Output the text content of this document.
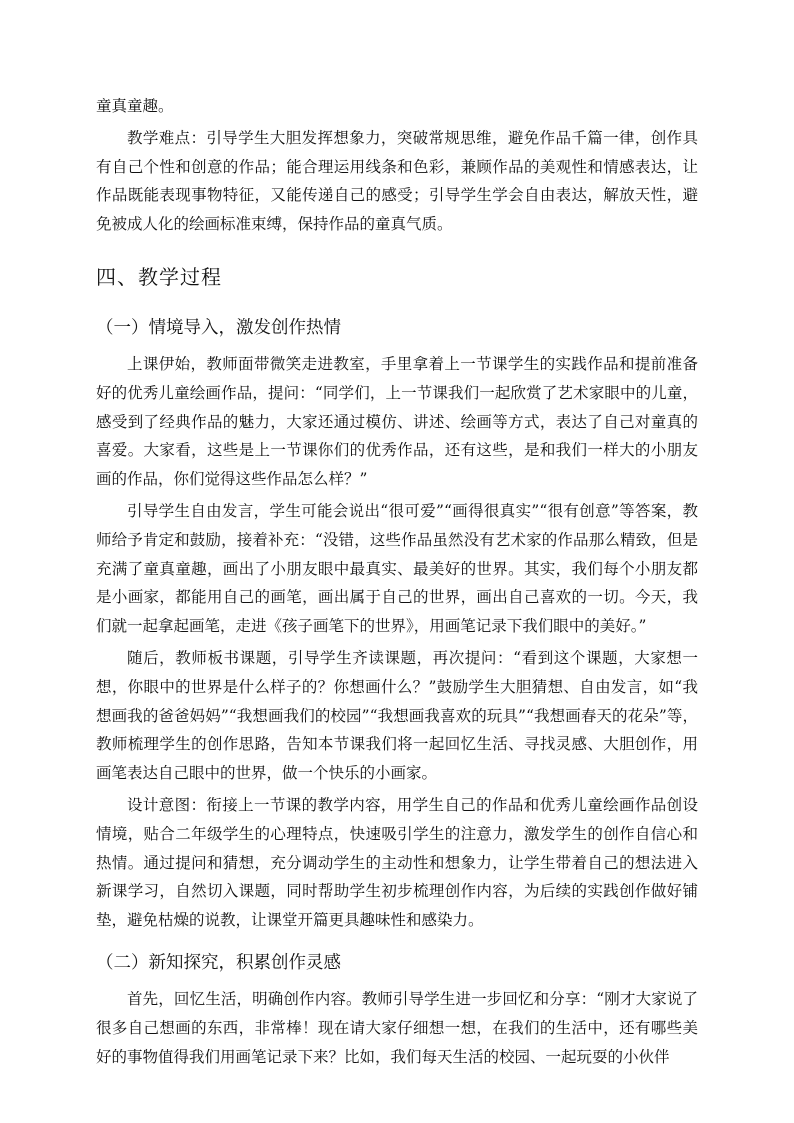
童真童趣。

教学难点：引导学生大胆发挥想象力，突破常规思维，避免作品千篇一律，创作具有自己个性和创意的作品；能合理运用线条和色彩，兼顾作品的美观性和情感表达，让作品既能表现事物特征，又能传递自己的感受；引导学生学会自由表达，解放天性，避免被成人化的绘画标准束缚，保持作品的童真气质。

四、教学过程
（一）情境导入，激发创作热情

上课伊始，教师面带微笑走进教室，手里拿着上一节课学生的实践作品和提前准备好的优秀儿童绘画作品，提问：“同学们，上一节课我们一起欣赏了艺术家眼中的儿童，感受到了经典作品的魅力，大家还通过模仿、讲述、绘画等方式，表达了自己对童真的喜爱。大家看，这些是上一节课你们的优秀作品，还有这些，是和我们一样大的小朋友画的作品，你们觉得这些作品怎么样？”

引导学生自由发言，学生可能会说出“很可爱”“画得很真实”“很有创意”等答案，教师给予肯定和鼓励，接着补充：“没错，这些作品虽然没有艺术家的作品那么精致，但是充满了童真童趣，画出了小朋友眼中最真实、最美好的世界。其实，我们每个小朋友都是小画家，都能用自己的画笔，画出属于自己的世界，画出自己喜欢的一切。今天，我们就一起拿起画笔，走进《孩子画笔下的世界》，用画笔记录下我们眼中的美好。”

随后，教师板书课题，引导学生齐读课题，再次提问：“看到这个课题，大家想一想，你眼中的世界是什么样子的？你想画什么？”鼓励学生大胆猜想、自由发言，如“我想画我的爸爸妈妈”“我想画我们的校园”“我想画我喜欢的玩具”“我想画春天的花朵”等，教师梳理学生的创作思路，告知本节课我们将一起回忆生活、寻找灵感、大胆创作，用画笔表达自己眼中的世界，做一个快乐的小画家。

设计意图：衔接上一节课的教学内容，用学生自己的作品和优秀儿童绘画作品创设情境，贴合二年级学生的心理特点，快速吸引学生的注意力，激发学生的创作自信心和热情。通过提问和猜想，充分调动学生的主动性和想象力，让学生带着自己的想法进入新课学习，自然切入课题，同时帮助学生初步梳理创作内容，为后续的实践创作做好铺垫，避免枯燥的说教，让课堂开篇更具趣味性和感染力。

（二）新知探究，积累创作灵感

首先，回忆生活，明确创作内容。教师引导学生进一步回忆和分享：“刚才大家说了很多自己想画的东西，非常棒！现在请大家仔细想一想，在我们的生活中，还有哪些美好的事物值得我们用画笔记录下来？比如，我们每天生活的校园、一起玩耍的小伙伴
